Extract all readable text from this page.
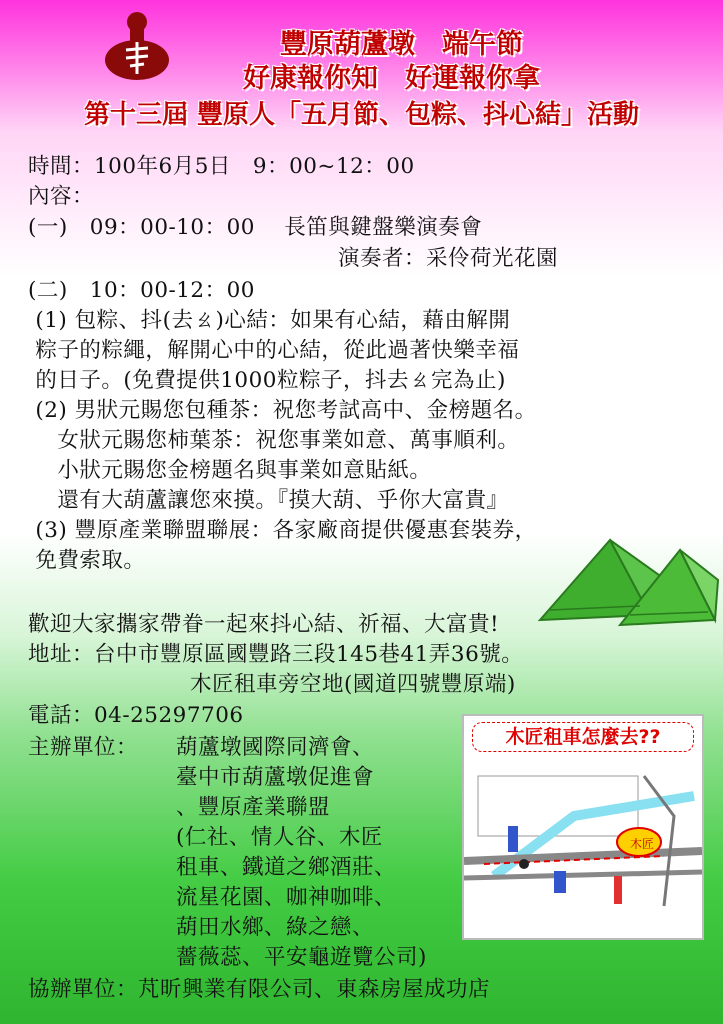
豐原葫蘆墩　端午節
好康報你知　好運報你拿
第十三屆 豐原人「五月節、包粽、抖心結」活動
時間：100年6月5日　9：00~12：00
內容：
(一)　09：00-10：00　 長笛與鍵盤樂演奏會
演奏者：采伶荷光花園
(二)　10：00-12：00
(1) 包粽、抖(去ㄠ)心結：如果有心結，藉由解開
粽子的粽繩，解開心中的心結，從此過著快樂幸福
的日子。(免費提供1000粒粽子，抖去ㄠ完為止)
(2) 男狀元賜您包種茶：祝您考試高中、金榜題名。
女狀元賜您柿葉茶：祝您事業如意、萬事順利。
小狀元賜您金榜題名與事業如意貼紙。
還有大葫蘆讓您來摸。『摸大葫、乎你大富貴』
(3) 豐原產業聯盟聯展：各家廠商提供優惠套裝券，
免費索取。
歡迎大家攜家帶眷一起來抖心結、祈福、大富貴!
地址：台中市豐原區國豐路三段145巷41弄36號。
木匠租車旁空地(國道四號豐原端)
電話：04-25297706
主辦單位： 葫蘆墩國際同濟會、
臺中市葫蘆墩促進會
、豐原產業聯盟
(仁社、情人谷、木匠
租車、鐵道之鄉酒莊、
流星花園、咖神咖啡、
葫田水鄉、綠之戀、
薔薇蕊、平安龜遊覽公司)
協辦單位：芃昕興業有限公司、東森房屋成功店
木匠租車怎麼去??
木匠
